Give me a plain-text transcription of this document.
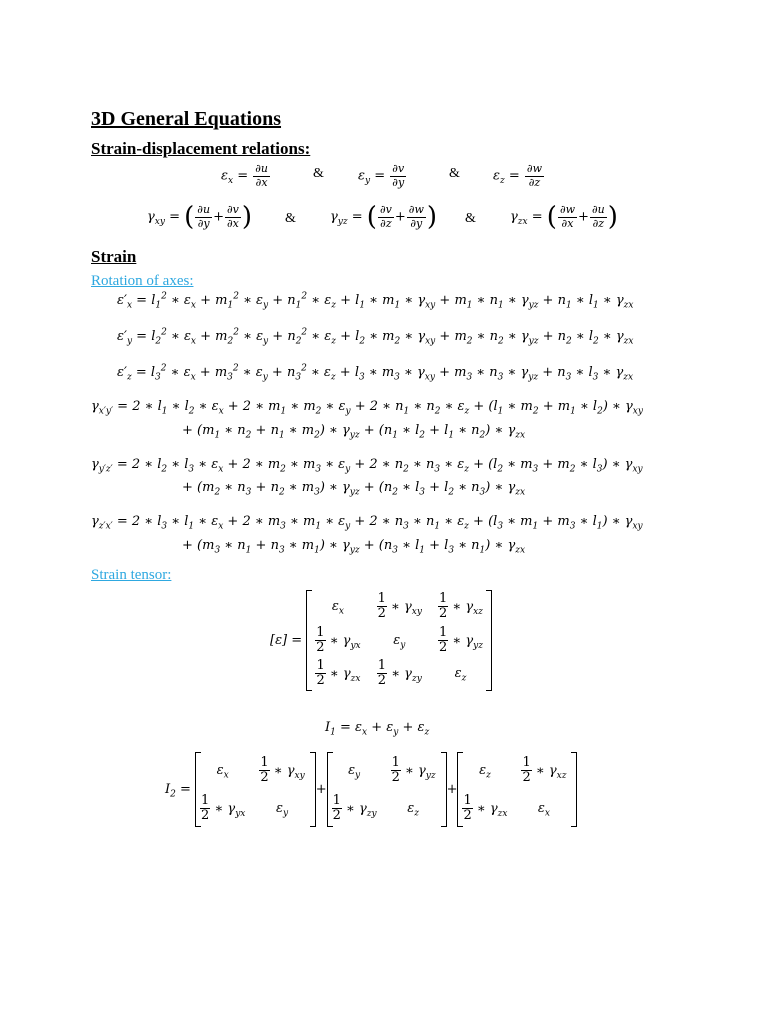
3D General Equations
Strain-displacement relations:
$\varepsilon_x = \frac{\partial u}{\partial x}$	&	$\varepsilon_y = \frac{\partial v}{\partial y}$	&	$\varepsilon_z = \frac{\partial w}{\partial z}$
$\gamma_{xy}$ = ( $\frac{\partial u}{\partial y} + \frac{\partial v}{\partial x}$ ) &	$\gamma_{yz}$ = ( $\frac{\partial v}{\partial z} + \frac{\partial w}{\partial y}$ ) &	$\gamma_{zx}$ = ( $\frac{\partial w}{\partial x} + \frac{\partial u}{\partial z}$ )
Strain
Rotation of axes:
$\varepsilon'_x = l_1^2$ ∗ $\varepsilon_x + m_1^2$ ∗ $\varepsilon_y + n_1^2$ ∗ $\varepsilon_z + l_1$ ∗ $m_1$ ∗ $\gamma_{xy} + m_1$ ∗ $n_1$ ∗ $\gamma_{yz} + n_1$ ∗ $l_1$ ∗ $\gamma_{zx}$
$\varepsilon'_y = l_2^2$ ∗ $\varepsilon_x + m_2^2$ ∗ $\varepsilon_y + n_2^2$ ∗ $\varepsilon_z + l_2$ ∗ $m_2$ ∗ $\gamma_{xy} + m_2$ ∗ $n_2$ ∗ $\gamma_{yz} + n_2$ ∗ $l_2$ ∗ $\gamma_{zx}$
$\varepsilon'_z = l_3^2$ ∗ $\varepsilon_x + m_3^2$ ∗ $\varepsilon_y + n_3^2$ ∗ $\varepsilon_z + l_3$ ∗ $m_3$ ∗ $\gamma_{xy} + m_3$ ∗ $n_3$ ∗ $\gamma_{yz} + n_3$ ∗ $l_3$ ∗ $\gamma_{zx}$
$\gamma_{x'y'} = 2$ ∗ $l_1$ ∗ $l_2$ ∗ $\varepsilon_x + 2$ ∗ $m_1$ ∗ $m_2$ ∗ $\varepsilon_y + 2$ ∗ $n_1$ ∗ $n_2$ ∗ $\varepsilon_z + (l_1$ ∗ $m_2 + m_1$ ∗ $l_2$) ∗ $\gamma_{xy}$
+ ($m_1$ ∗ $n_2 + n_1$ ∗ $m_2$) ∗ $\gamma_{yz} + (n_1$ ∗ $l_2 + l_1$ ∗ $n_2$) ∗ $\gamma_{zx}$
$\gamma_{y'z'} = 2$ ∗ $l_2$ ∗ $l_3$ ∗ $\varepsilon_x + 2$ ∗ $m_2$ ∗ $m_3$ ∗ $\varepsilon_y + 2$ ∗ $n_2$ ∗ $n_3$ ∗ $\varepsilon_z + (l_2$ ∗ $m_3 + m_2$ ∗ $l_3$) ∗ $\gamma_{xy}$
+ ($m_2$ ∗ $n_3 + n_2$ ∗ $m_3$) ∗ $\gamma_{yz} + (n_2$ ∗ $l_3 + l_2$ ∗ $n_3$) ∗ $\gamma_{zx}$
$\gamma_{z'x'} = 2$ ∗ $l_3$ ∗ $l_1$ ∗ $\varepsilon_x + 2$ ∗ $m_3$ ∗ $m_1$ ∗ $\varepsilon_y + 2$ ∗ $n_3$ ∗ $n_1$ ∗ $\varepsilon_z + (l_3$ ∗ $m_1 + m_3$ ∗ $l_1$) ∗ $\gamma_{xy}$
+ ($m_3$ ∗ $n_1 + n_3$ ∗ $m_1$) ∗ $\gamma_{yz} + (n_3$ ∗ $l_1 + l_3$ ∗ $n_1$) ∗ $\gamma_{zx}$
Strain tensor:
[ε] =
$\varepsilon_x$	$\frac{1}{2}$ ∗ $\gamma_{xy}$	$\frac{1}{2}$ ∗ $\gamma_{xz}$

$\frac{1}{2}$ ∗ $\gamma_{yx}$	$\varepsilon_y$	$\frac{1}{2}$ ∗ $\gamma_{yz}$

$\frac{1}{2}$ ∗ $\gamma_{zx}$	$\frac{1}{2}$ ∗ $\gamma_{zy}$	$\varepsilon_z$
$I_1 = \varepsilon_x + \varepsilon_y + \varepsilon_z$
$I_2$ =
$\varepsilon_x$	$\frac{1}{2}$ ∗ $\gamma_{xy}$

$\frac{1}{2}$ ∗ $\gamma_{yx}$	$\varepsilon_y$
+
$\varepsilon_y$	$\frac{1}{2}$ ∗ $\gamma_{yz}$

$\frac{1}{2}$ ∗ $\gamma_{zy}$	$\varepsilon_z$
+
$\varepsilon_z$	$\frac{1}{2}$ ∗ $\gamma_{xz}$

$\frac{1}{2}$ ∗ $\gamma_{zx}$	$\varepsilon_x$
